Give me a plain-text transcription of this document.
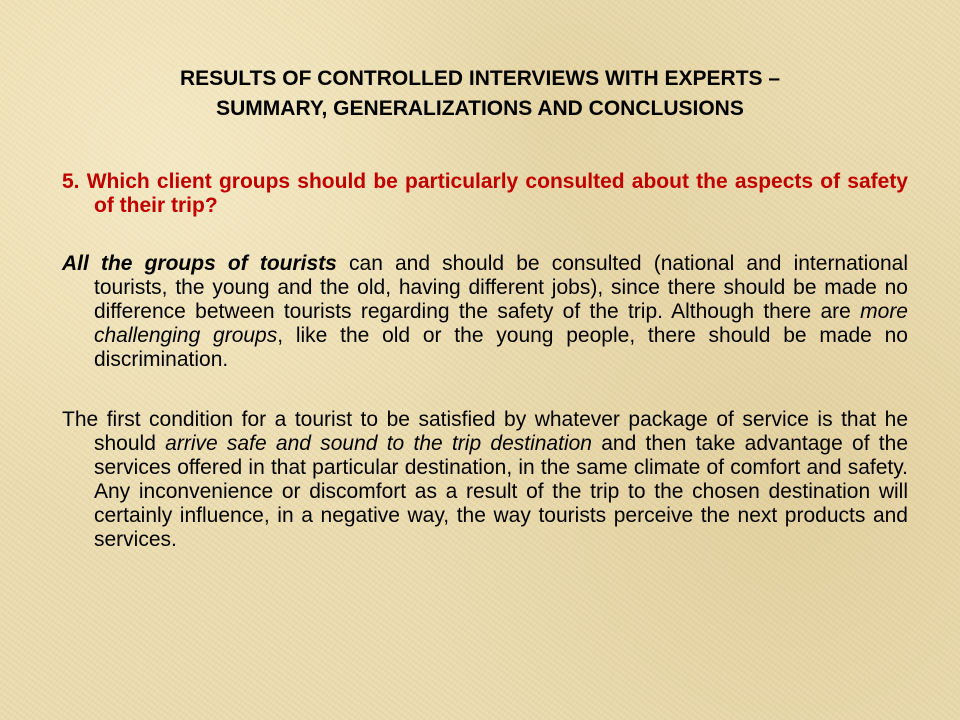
RESULTS OF CONTROLLED INTERVIEWS WITH EXPERTS –
SUMMARY, GENERALIZATIONS AND CONCLUSIONS

5. Which client groups should be particularly consulted about the aspects of safety of their trip?

All the groups of tourists can and should be consulted (national and international tourists, the young and the old, having different jobs), since there should be made no difference between tourists regarding the safety of the trip. Although there are more challenging groups, like the old or the young people, there should be made no discrimination.

The first condition for a tourist to be satisfied by whatever package of service is that he should arrive safe and sound to the trip destination and then take advantage of the services offered in that particular destination, in the same climate of comfort and safety. Any inconvenience or discomfort as a result of the trip to the chosen destination will certainly influence, in a negative way, the way tourists perceive the next products and services.
